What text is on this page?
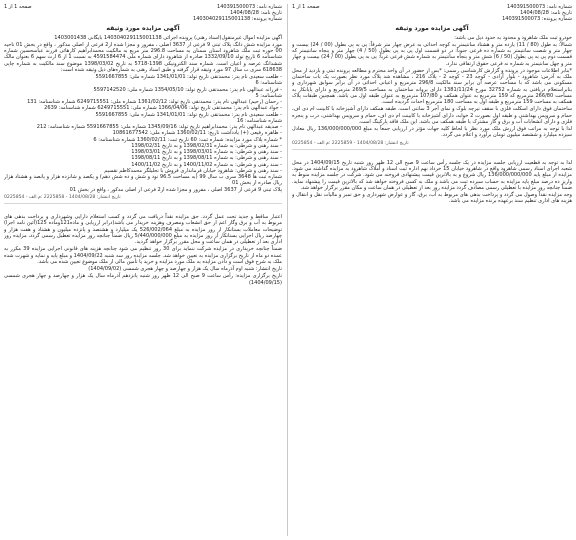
شماره نامه: 140391500073
تاریخ نامه: 1404/08/28
شماره پرونده: 140391500073
صفحه 1 از 1
آگهی مزایده مورد وثیقه

خودرو ثبت ملک شاهرود و محدود به حدود ذیل می باشد:

شمالاً: به طول (80 / 11) یازده متر و هشتاد سانتیمتر به کوچه احداثی به عرض چهار متر شرقاً: پی به پی بطول (00 / 24) بیست و چهار متر و شصت سانتیمتر به شماره ده فرعی جنوباً: در دو قسمت اول پی به پی بطول (50 / 4) چهار متر و پنجاه سانتیمتر که قسمت دوم پی به پی بطول (50 / 6) شش متر و پنجاه سانتیمتر به شماره شش فرعی غرباً: پی به پی بطول (00 / 24) بیست و چهار متر و چهل سانتیمتر به شماره نه فرعی حقوق ارتفاقی ندارد.

*بنابر اطلاعات موجود در پرونده و گزارش کارشناسی رسمی: *بس از حضور در آن واحد محترم و مطالعه پرونده ثبتی و بازدید از محل ملک به آدرس: شاهرود - بلوار آزادی - کوچه 23 - کوچه 2 - پلاک 216 ، مشاهده شد پلاک مورد نظر بصورت یک باب ساختمان مسکونی می باشد که با مساحت عرصه آن برابر سند مالکیت 296/8 مترمربع و اعیانی احداثی در آن برابر سوابق شهرداری و بنابراستعلام دریافتی به شماره 32752 مورخ 1381/11/24 دارای پروانه ساختمان به مساحت 269/5 مترمربع و دارای پایانکار به مساحت 266/80 مترمربع که 159 مترمربع به عنوان همکف و 107/80 مترمربع به عنوان طبقه اول می باشد. همچنین طبقات پلاک همکف به مساحت 159 مترمربع و طبقه اول به مساحت 180 مترمربع احداث گردیده است.

ساختمان فوق دارای اسکلت فلزی با سقف تیرچه بلوک و نمای آجر 3 سانتی است. طبقه همکف دارای آشپزخانه با کابینت ام دی اف، حمام و سرویس بهداشتی و طبقه اول بصورت 2 خوابه، دارای آشپزخانه با کابینت ام دی اف، حمام و سرویس بهداشتی، درب و پنجره فلزی و دارای انشعابات آب و برق و گاز مشترک با طبقه همکف می باشد. این ملک فاقد پارکینگ است.

لذا با توجه به مراتب فوق ارزش ملک مورد نظر با لحاظ کلیه جهات مؤثر در ارزیابی جمعاً به مبلغ 136/000/000/000 ریال معادل سیزده میلیارد و ششصد میلیون تومان برآورد و اعلام می گردد.

تاریخ انتشار: 1404/08/28 - 2225859 :م الف - 0225854

لذا به توجه به قطعیت ارزیابی جلسه مزایده در یک جلسه رأس ساعت 9 صبح الی 12 ظهر روز شنبه تاریخ 1404/09/15 در محل شعبه اجرای اسناد رسمی شاهرود واقع در شاهرود خیابان 15 خرداد نهم اداره ثبت اسناد و املاک شاهرود به مزایده گذاشته می شود. مزایده از مبلغ پایه 136/000/000/000 ریال شروع و به بالاترین قیمت پیشنهادی فروخته می شود. شرکت در جلسه مزایده منوط به واریز ده درصد مبلغ پایه مزایده به حساب سپرده ثبت می باشد و ملک به کسی فروخته خواهد شد که بالاترین قیمت را پیشنهاد نماید. ضمناً چنانچه روز مزایده با تعطیلی رسمی مصادف گردد مزایده روز بعد از تعطیلی در همان ساعت و مکان مقرر برگزار خواهد شد.

وجه مزایده نقداً وصول می گردد و پرداخت بدهی های مربوط به آب، برق، گاز و عوارض شهرداری و حق تمبر و مالیات نقل و انتقال و هزینه های اداری تنظیم سند برعهده برنده مزایده می باشد.

شماره نامه: 140391500073
تاریخ نامه: 1404/08/28
شماره پرونده: 140304029115001138
صفحه 1 از 1
آگهی مزایده مورد وثیقه

آگهی مزایده اموال غیرمنقول(اسناد رهنی) پرونده اجرائی 140304029115001138 بایگانی 1403001438

مورد مزایده شش دانگ پلاک ثبتی 9 فرعی از 3637 اصلی ، مفروز و مجزا شده از2 فرعی از اصلی مذکور ، واقع در بخش 01 ناحیه 00 حوزه ثبت ملک شاهرود استان سمنان به مساحت 296.8 متر مربع به مالکیت محمدابراهیم کارهائی فرزند عباسحسین شماره شناسنامه 6 تاریخ تولد 1332/09/10 صادره از شاهرود دارای شماره ملی 4591584474 به نسبت 1 از 6 ارث سهم 6 بعنوان مالک ششدانگ عرصه و اعیان است. شماره سند الکترونیکی 1398-5718 به تاریخ 1398/03/02 موضوع سند مالکیت به شماره چاپی 618638 سری ب سال 97 مورد وثیقه قرار گرفته و طبق اسناد رهنی به شماره‌های ذیل وثیقه شده است:

- طلعت سعیدی نام پدر: محمدتقی تاریخ تولد: 1341/01/01 شماره ملی: 5591667855
شناسنامه: 6
- فرزانه عبدالهی نام پدر: محمدتقی تاریخ تولد: 1354/05/10 شماره ملی: 5597142520
شناسنامه: 5
- رحمان (رحیم) عبدالهی نام پدر: محمدتقی تاریخ تولد: 1361/02/12 شماره ملی: 6249715551 شماره شناسنامه: 131
- جواد عبدالهی نام پدر: محمدتقی تاریخ تولد: 1366/04/06 شماره ملی: 6249715551 شماره شناسنامه: 2639
- طلعت سعیدی نام پدر: محمدتقی تاریخ تولد: 1341/01/01 شماره ملی: 5591667855
شماره شناسنامه: 16
- صدیقه عبدالهی نام پدر: محمدابراهیم تاریخ تولد: 1345/09/16 شماره ملی: 5591667855 شماره شناسنامه: 212
- طاهره رفیعی (+) یادداشت تاریخ: 1360/02/11 شماره ملی: 10861677542
* شماره پلاک مورد مزایده: شماره ثبت: 60 تاریخ ثبت: 1360/02/11 شماره شناسنامه: 6
- سند رهنی و شرطی: به شماره 1398/02/31 و به تاریخ 1398/02/31
- سند رهنی و شرطی: به شماره 1398/03/01 و به تاریخ 1398/03/01
- سند رهنی و شرطی: به شماره 1398/08/11 و به تاریخ 1398/08/11
- سند رهنی و شرطی: به شماره 1400/11/02 و به تاریخ 1400/11/02
- سند رهنی و شرطی: شاهرود خیابان فرمانداری فروش با تحلیلگر محمدکاظم تقسیم
شماره ثبت ها 3648 سری ب سال 99 (به مساحت 96.5 نود و شش و ده شش دهم) و یکصد و شانزده هزار و پانصد و هشتاد هزار ریال صادره از بخش 01
پلاک ثبتی 9 فرعی از 3637 اصلی ، مفروز و مجزا شده از2 فرعی از اصلی مذکور ، واقع در بخش 01
تاریخ انتشار: 1404/08/28 - 2225858 :م الف - 0225854

اعتبار ساقط و جدید تحت عمل گردد. حق مزایده نقداً دریافت می گردد و کسب استعلام دارایی وشهرداری و پرداخت بدهی های مربوط به آب و برق وگاز اعم از حق انشعاب ومصرف وهزینه خریدار می باشد(درابر ارزیابی و ماده121وماده 125(آئین نامه اجرا) توضیحات معاملات بستانکار از روز مزایده به مبلغ 526/002/064 یک میلیارد و هشتصد و پانزده میلیون و هشتاد و هفت هزار و چهارصد ریال اجرایی بستانکار از روز مزایده به مبلغ 5/440/000/000 ریال ضمناً چنانچه روز مزایده تعطیل رسمی گردد، مزایده روز اداری بعد از تعطیلی در همان ساعت و محل مقرر برگزار خواهد گردید.

ضمناً چنانچه خریداری در مزایده شرکت ننماید برای 30 روز تنظیم می شود چنانچه هزینه های قانونی اجرایی مزایده 39 مکرر به عمده دو ماه از تاریخ برگزاری مزایده به تعیین خواهد شد. جلسه مزایده روز سه شنبه 1404/09/22 و مبلغ پایه و نمایه و شهرت شده ملک به شرح فوق است و دادن مزایده به ملک مورد مزایده و خرید یا تأمین مالی از ملک موضوع تعیین شده می باشد.

تاریخ انتشار: شنبه اوم آذرماه سال یک هزار و چهارصد و چهار هجری شمسی (1404/09/02)

تاریخ برگزاری مزایده: رأس ساعت 9 صبح الی 12 ظهر روز شنبه پانزدهم آذرماه سال یک هزار و چهارصد و چهار هجری شمسی (1404/09/15)
